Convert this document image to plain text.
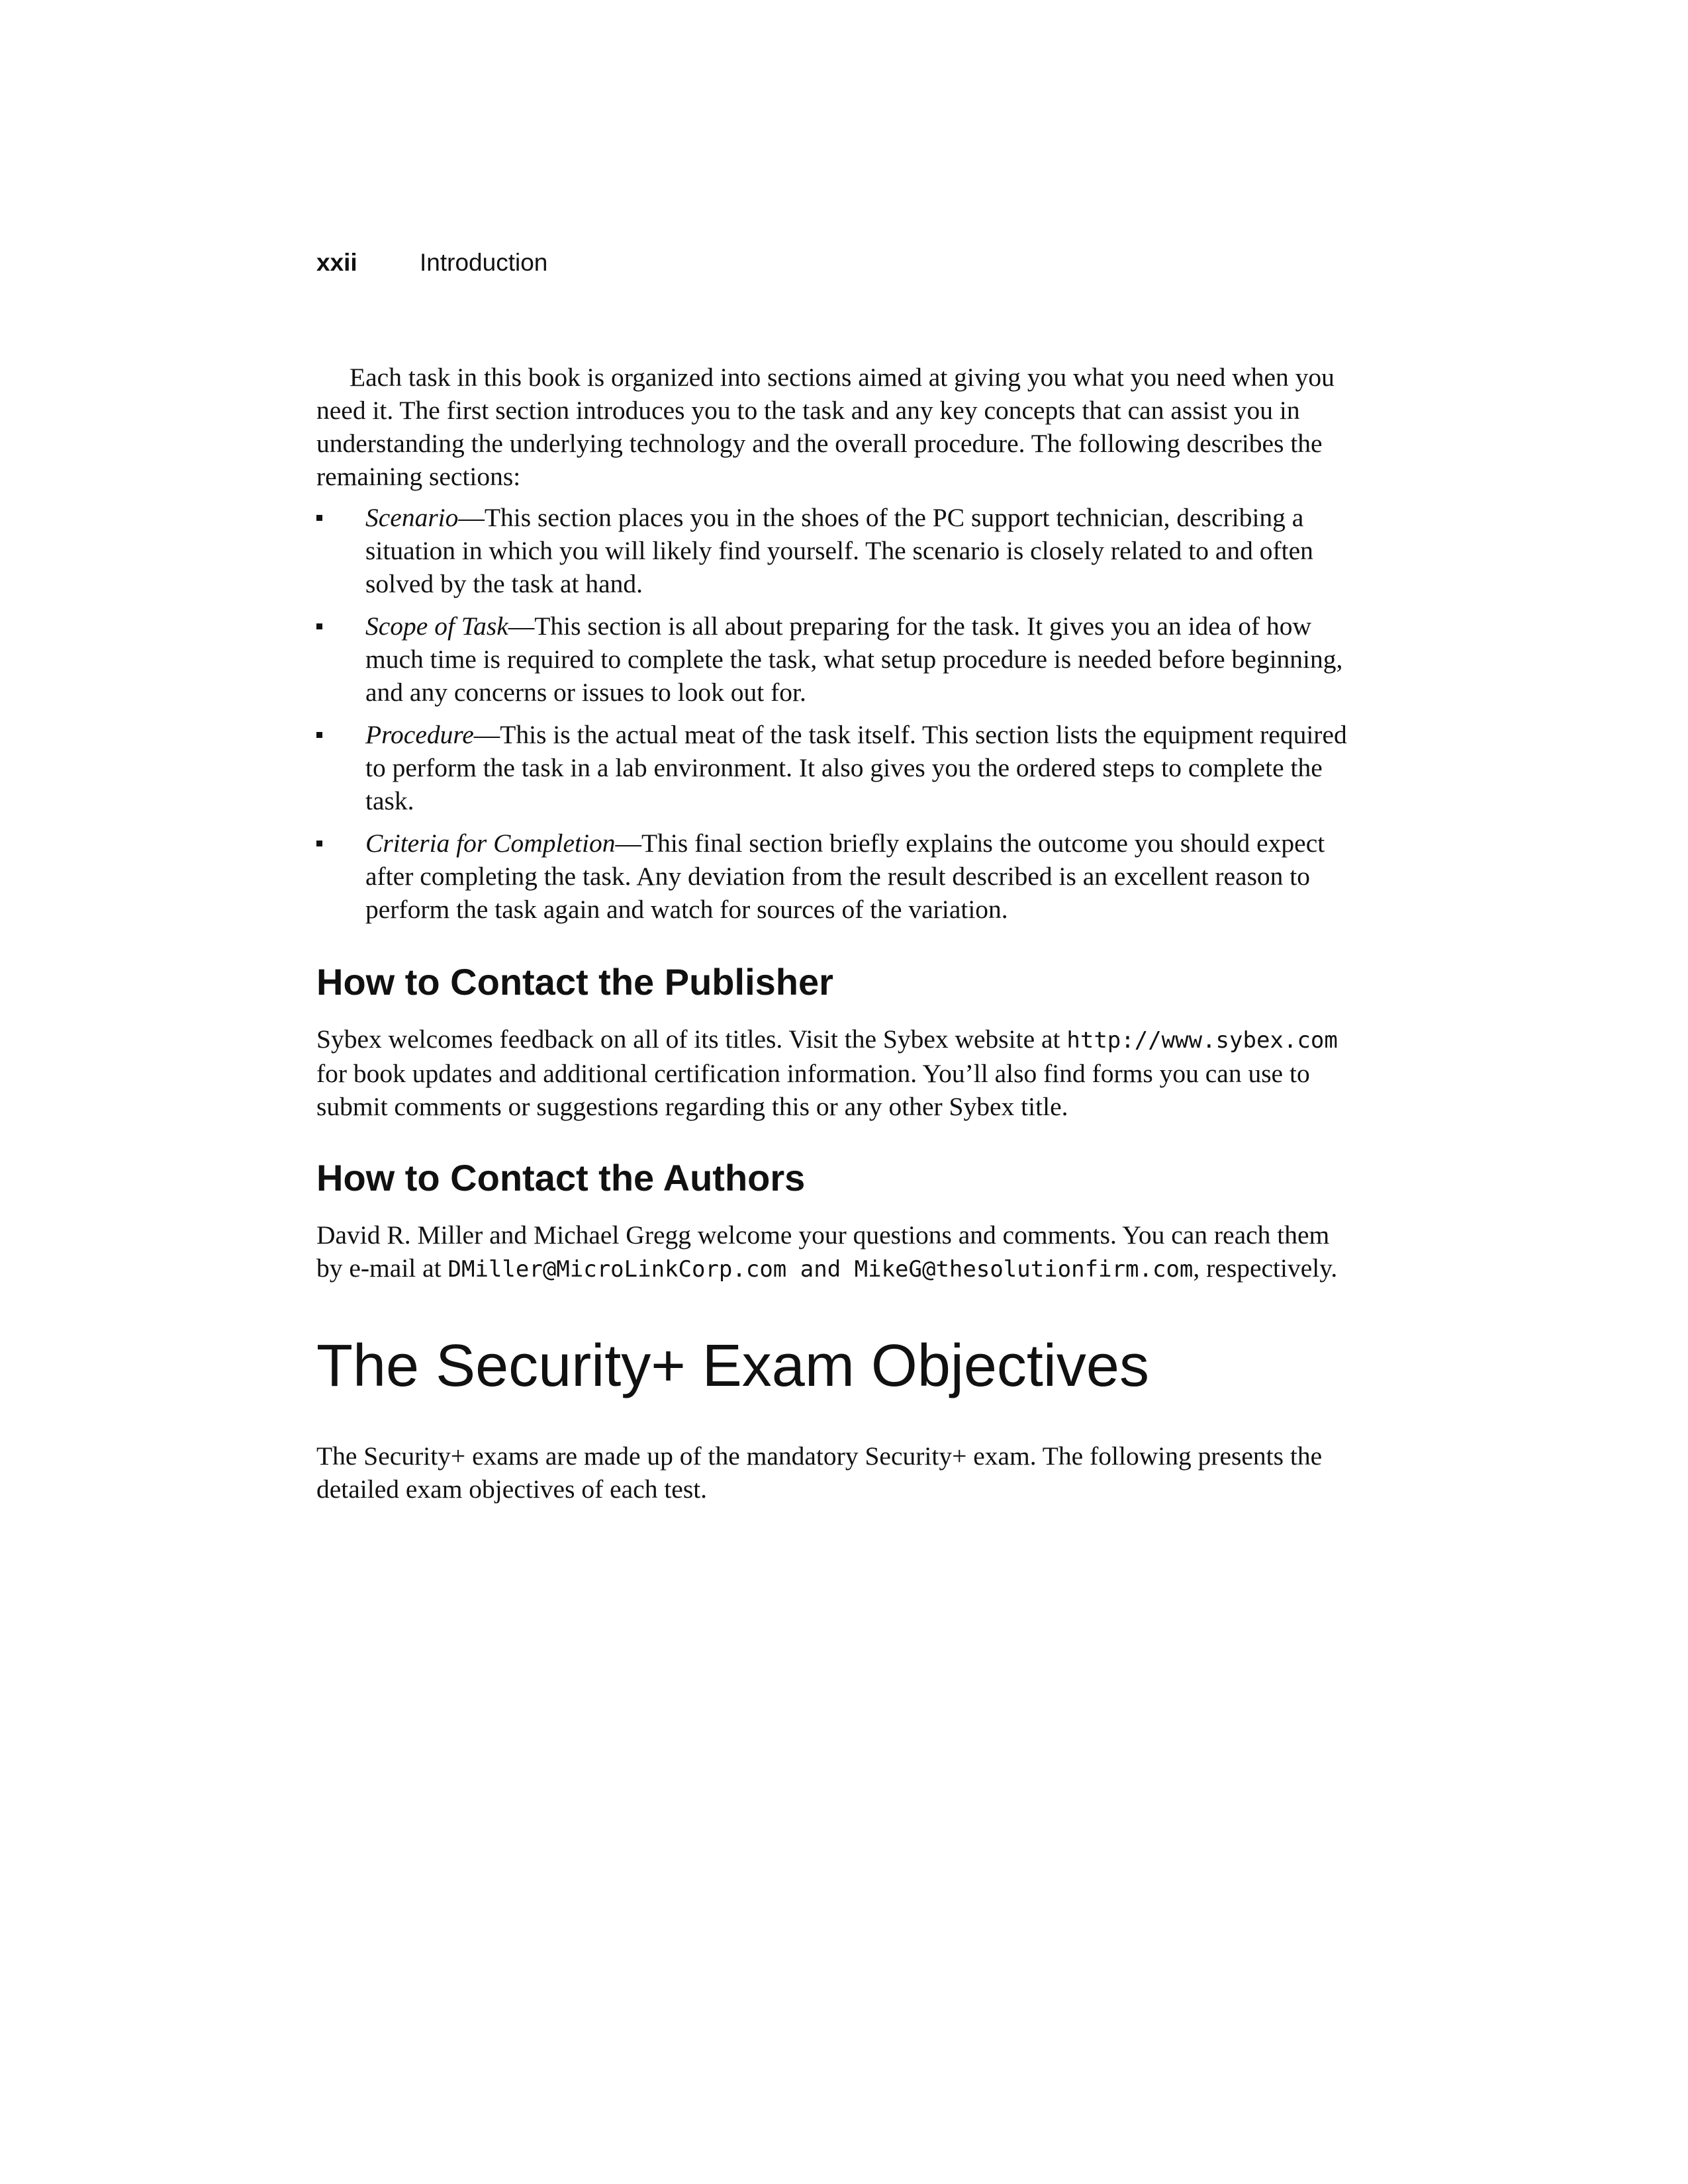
xxii	Introduction

Each task in this book is organized into sections aimed at giving you what you need when you need it. The first section introduces you to the task and any key concepts that can assist you in understanding the underlying technology and the overall procedure. The following describes the remaining sections:

Scenario—This section places you in the shoes of the PC support technician, describing a situation in which you will likely find yourself. The scenario is closely related to and often solved by the task at hand.
Scope of Task—This section is all about preparing for the task. It gives you an idea of how much time is required to complete the task, what setup procedure is needed before beginning, and any concerns or issues to look out for.
Procedure—This is the actual meat of the task itself. This section lists the equipment required to perform the task in a lab environment. It also gives you the ordered steps to complete the task.
Criteria for Completion—This final section briefly explains the outcome you should expect after completing the task. Any deviation from the result described is an excellent reason to perform the task again and watch for sources of the variation.
How to Contact the Publisher

Sybex welcomes feedback on all of its titles. Visit the Sybex website at http://www.sybex.com for book updates and additional certification information. You’ll also find forms you can use to submit comments or suggestions regarding this or any other Sybex title.

How to Contact the Authors

David R. Miller and Michael Gregg welcome your questions and comments. You can reach them by e-mail at DMiller@MicroLinkCorp.com and MikeG@thesolutionfirm.com, respectively.

The Security+ Exam Objectives

The Security+ exams are made up of the mandatory Security+ exam. The following presents the detailed exam objectives of each test.
